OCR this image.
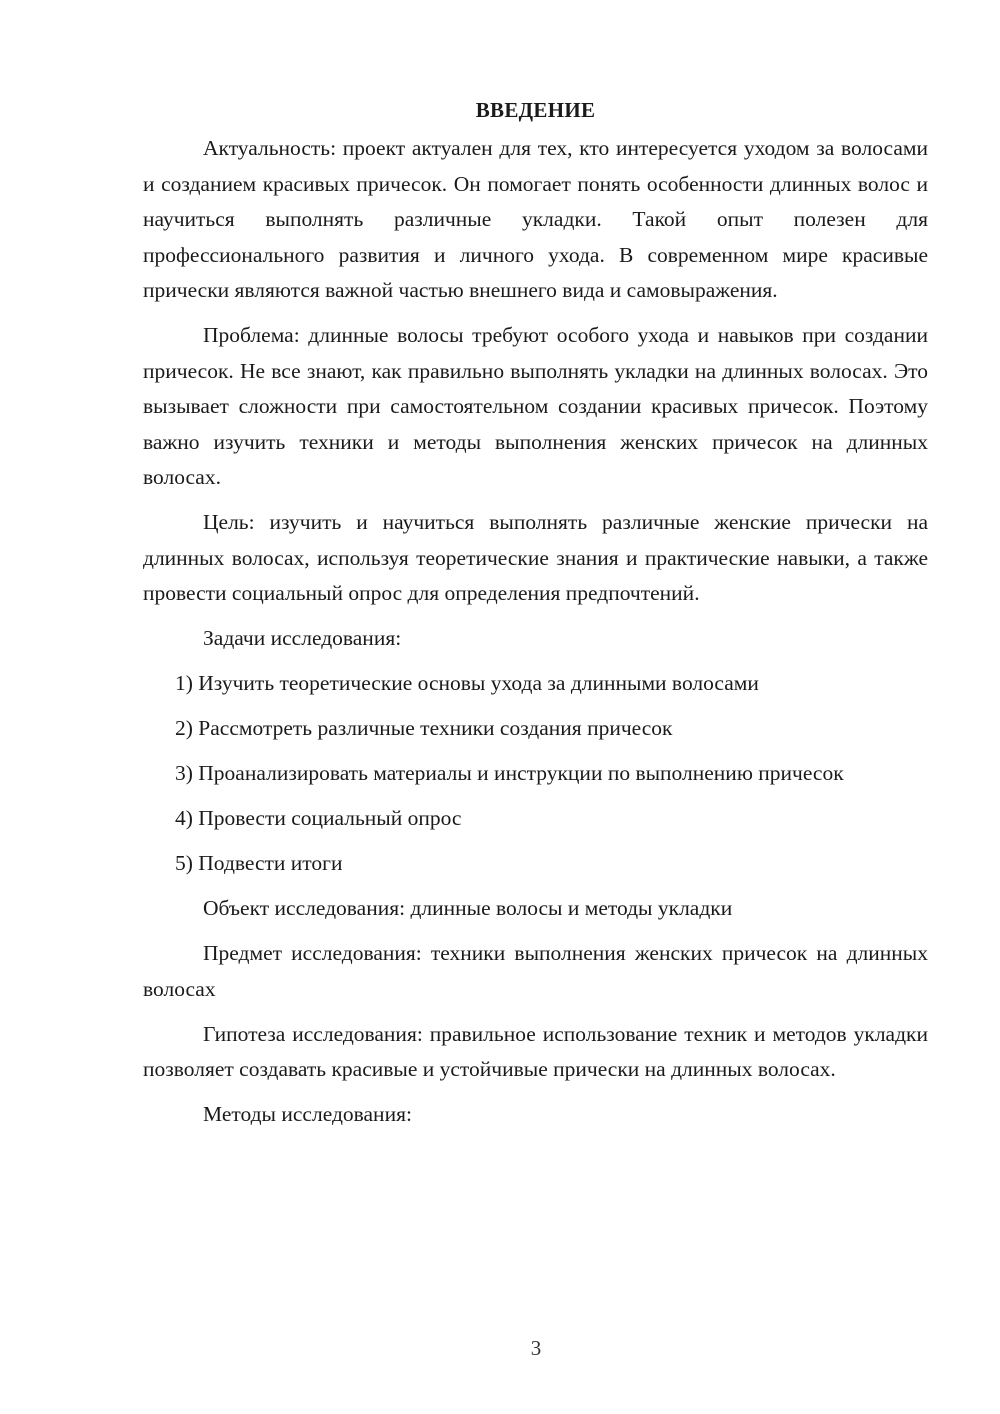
ВВЕДЕНИЕ

Актуальность: проект актуален для тех, кто интересуется уходом за волосами и созданием красивых причесок. Он помогает понять особенности длинных волос и научиться выполнять различные укладки. Такой опыт полезен для профессионального развития и личного ухода. В современном мире красивые прически являются важной частью внешнего вида и самовыражения.

Проблема: длинные волосы требуют особого ухода и навыков при создании причесок. Не все знают, как правильно выполнять укладки на длинных волосах. Это вызывает сложности при самостоятельном создании красивых причесок. Поэтому важно изучить техники и методы выполнения женских причесок на длинных волосах.

Цель: изучить и научиться выполнять различные женские прически на длинных волосах, используя теоретические знания и практические навыки, а также провести социальный опрос для определения предпочтений.

Задачи исследования:

1) Изучить теоретические основы ухода за длинными волосами

2) Рассмотреть различные техники создания причесок

3) Проанализировать материалы и инструкции по выполнению причесок

4) Провести социальный опрос

5) Подвести итоги

Объект исследования: длинные волосы и методы укладки

Предмет исследования: техники выполнения женских причесок на длинных волосах

Гипотеза исследования: правильное использование техник и методов укладки позволяет создавать красивые и устойчивые прически на длинных волосах.

Методы исследования:

3
